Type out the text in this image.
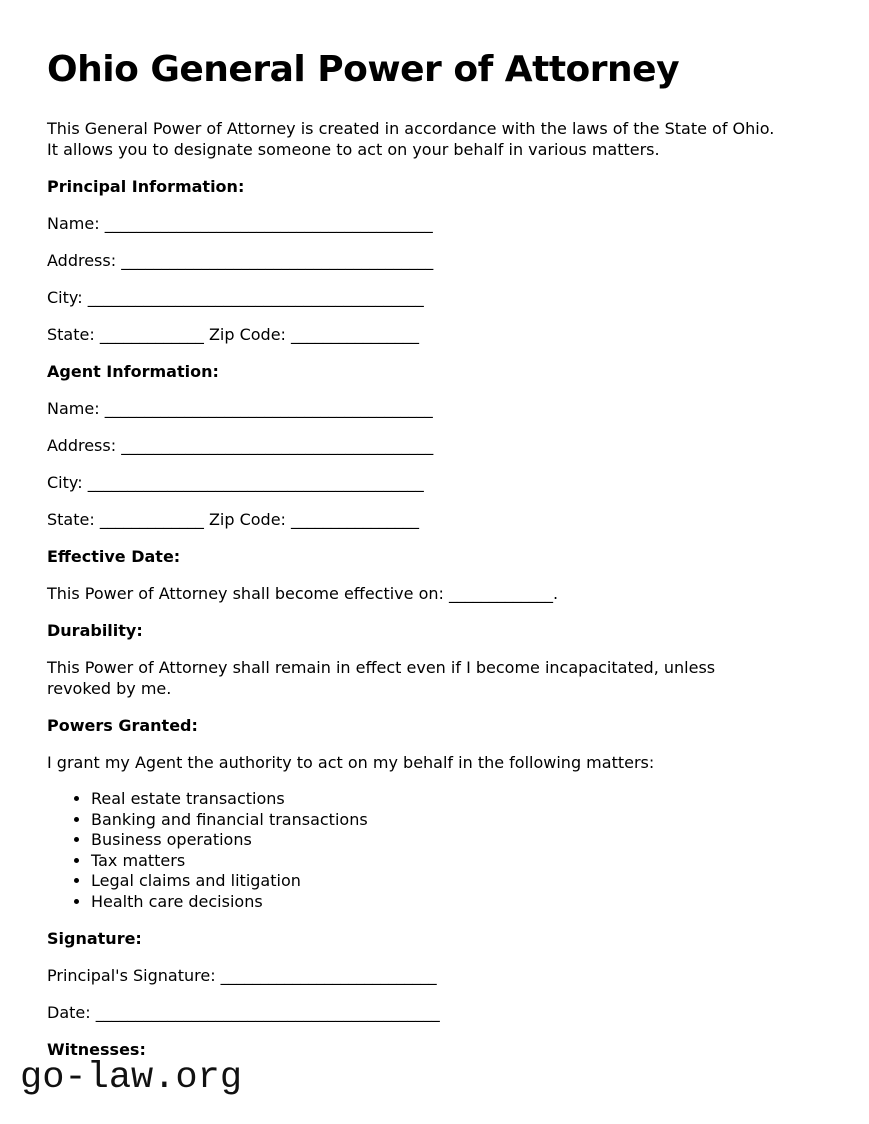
Ohio General Power of Attorney

This General Power of Attorney is created in accordance with the laws of the State of Ohio. It allows you to designate someone to act on your behalf in various matters.

Principal Information:

Name: _________________________________________

Address: _______________________________________

City: __________________________________________

State: _____________ Zip Code: ________________

Agent Information:

Name: _________________________________________

Address: _______________________________________

City: __________________________________________

State: _____________ Zip Code: ________________

Effective Date:

This Power of Attorney shall become effective on: _____________.

Durability:

This Power of Attorney shall remain in effect even if I become incapacitated, unless revoked by me.

Powers Granted:

I grant my Agent the authority to act on my behalf in the following matters:

• Real estate transactions
• Banking and financial transactions
• Business operations
• Tax matters
• Legal claims and litigation
• Health care decisions
Signature:

Principal's Signature: ___________________________

Date: ___________________________________________

Witnesses:
go-law.org
